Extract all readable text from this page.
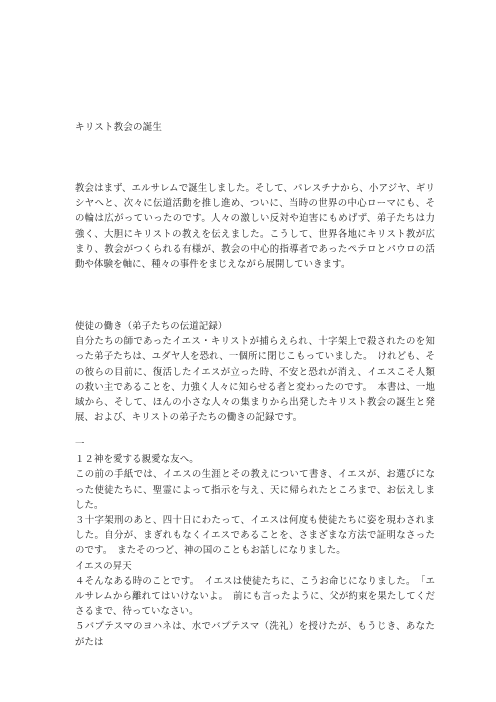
キリスト教会の誕生

教会はまず、エルサレムで誕生しました。そして、パレスチナから、小アジヤ、ギリシヤへと、次々に伝道活動を推し進め、ついに、当時の世界の中心ローマにも、その輪は広がっていったのです。人々の激しい反対や迫害にもめげず、弟子たちは力強く、大胆にキリストの教えを伝えました。こうして、世界各地にキリスト教が広まり、教会がつくられる有様が、教会の中心的指導者であったペテロとパウロの活動や体験を軸に、種々の事件をまじえながら展開していきます。

使徒の働き（弟子たちの伝道記録）

自分たちの師であったイエス・キリストが捕らえられ、十字架上で殺されたのを知った弟子たちは、ユダヤ人を恐れ、一個所に閉じこもっていました。　けれども、その彼らの目前に、復活したイエスが立った時、不安と恐れが消え、イエスこそ人類の救い主であることを、力強く人々に知らせる者と変わったのです。　本書は、一地域から、そして、ほんの小さな人々の集まりから出発したキリスト教会の誕生と発展、および、キリストの弟子たちの働きの記録です。

一

１２神を愛する親愛な友へ。

この前の手紙では、イエスの生涯とその教えについて書き、イエスが、お選びになった使徒たちに、聖霊によって指示を与え、天に帰られたところまで、お伝えしました。

３十字架刑のあと、四十日にわたって、イエスは何度も使徒たちに姿を現わされました。自分が、まぎれもなくイエスであることを、さまざまな方法で証明なさったのです。　またそのつど、神の国のこともお話しになりました。

イエスの昇天

４そんなある時のことです。　イエスは使徒たちに、こうお命じになりました。　「エルサレムから離れてはいけないよ。　前にも言ったように、父が約束を果たしてくださるまで、待っていなさい。

５バプテスマのヨハネは、水でバプテスマ（洗礼）を授けたが、もうじき、あなたがたは
